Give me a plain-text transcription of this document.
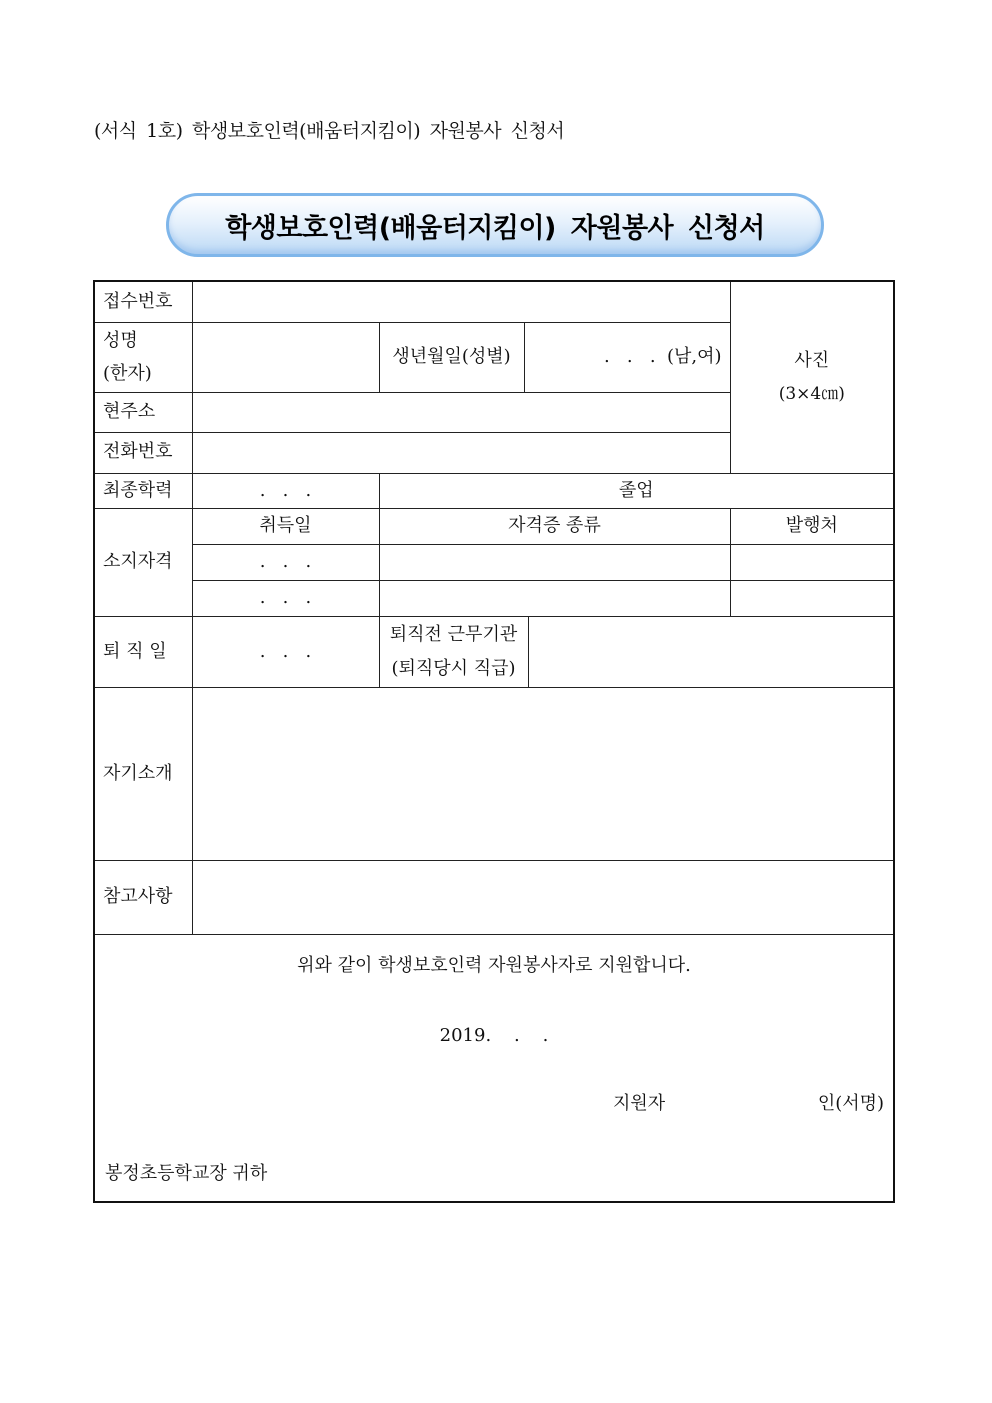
(서식 1호) 학생보호인력(배움터지킴이) 자원봉사 신청서
학생보호인력(배움터지킴이) 자원봉사 신청서
접수번호				사진
(3×4㎝)

성명
(한자)		생년월일(성별)	.   .   .  (남,여)	
현주소				
전화번호				
최종학력	.   .   .	졸업		
소지자격	취득일	자격증 종류		발행처
	.   .   .			
	.   .   .			
퇴 직 일	.   .   .	퇴직전 근무기관
(퇴직당시 직급)		

자기소개				
참고사항				

위와 같이 학생보호인력 자원봉사자로 지원합니다.
2019.    .    .
지원자 인(서명)
봉정초등학교장 귀하				
